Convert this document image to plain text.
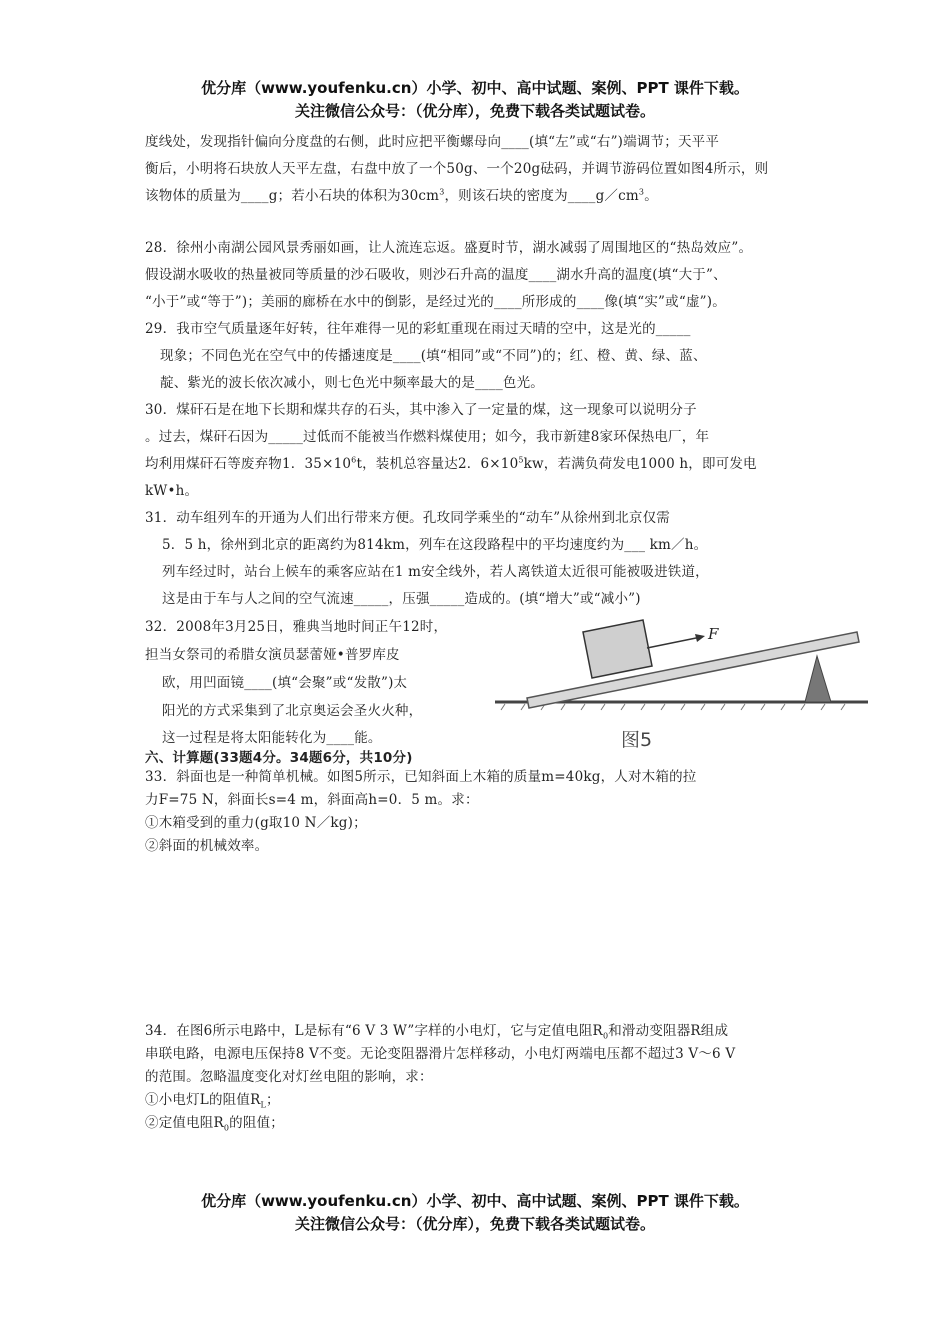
优分库（www.youfenku.cn）小学、初中、高中试题、案例、PPT 课件下载。
关注微信公众号：（优分库），免费下载各类试题试卷。
度线处，发现指针偏向分度盘的右侧，此时应把平衡螺母向____(填“左”或“右”)端调节；天平平
衡后，小明将石块放人天平左盘，右盘中放了一个50g、一个20g砝码，并调节游码位置如图4所示，则
该物体的质量为____g；若小石块的体积为$30cm^3$，则该石块的密度为$\_\_\_\_g/cm^3$。
28．徐州小南湖公园风景秀丽如画，让人流连忘返。盛夏时节，湖水减弱了周围地区的“热岛效应”。
假设湖水吸收的热量被同等质量的沙石吸收，则沙石升高的温度____湖水升高的温度(填“大于”、
“小于”或“等于”)；美丽的廊桥在水中的倒影，是经过光的____所形成的____像(填“实”或“虚”)。
29．我市空气质量逐年好转，往年难得一见的彩虹重现在雨过天晴的空中，这是光的_____
现象；不同色光在空气中的传播速度是____(填“相同”或“不同”)的；红、橙、黄、绿、蓝、
靛、紫光的波长依次减小，则七色光中频率最大的是____色光。
30．煤矸石是在地下长期和煤共存的石头，其中渗入了一定量的煤，这一现象可以说明分子
。过去，煤矸石因为_____过低而不能被当作燃料煤使用；如今，我市新建8家环保热电厂，年
均利用煤矸石等废弃物1．$35\times 10^6t$，装机总容量达2．$6\times 10^5kw$，若满负荷发电1000 h，即可发电
kW•h。
31．动车组列车的开通为人们出行带来方便。孔玫同学乘坐的“动车”从徐州到北京仅需
5．5 h，徐州到北京的距离约为814km，列车在这段路程中的平均速度约为___ km／h。
列车经过时，站台上候车的乘客应站在1 m安全线外，若人离铁道太近很可能被吸进铁道，
这是由于车与人之间的空气流速_____，压强_____造成的。(填“增大”或“减小”)
32．2008年3月25日，雅典当地时间正午12时，
担当女祭司的希腊女演员瑟蕾娅•普罗库皮
欧，用凹面镜____(填“会聚”或“发散”)太
阳光的方式采集到了北京奥运会圣火火种，
这一过程是将太阳能转化为____能。
F
图5
六、计算题(33题4分。34题6分，共10分)
33．斜面也是一种简单机械。如图5所示，已知斜面上木箱的质量m=40kg，人对木箱的拉
力F=75 N，斜面长s=4 m，斜面高h=0．5 m。求：
①木箱受到的重力(g取10 N／kg)；
②斜面的机械效率。
34．在图6所示电路中，L是标有“6 V 3 W”字样的小电灯，它与定值电阻$R_0$和滑动变阻器R组成
串联电路，电源电压保持8 V不变。无论变阻器滑片怎样移动，小电灯两端电压都不超过3 V～6 V
的范围。忽略温度变化对灯丝电阻的影响，求：
①小电灯L的阻值$R_L$；
②定值电阻$R_0$的阻值；
优分库（www.youfenku.cn）小学、初中、高中试题、案例、PPT 课件下载。
关注微信公众号：（优分库），免费下载各类试题试卷。
